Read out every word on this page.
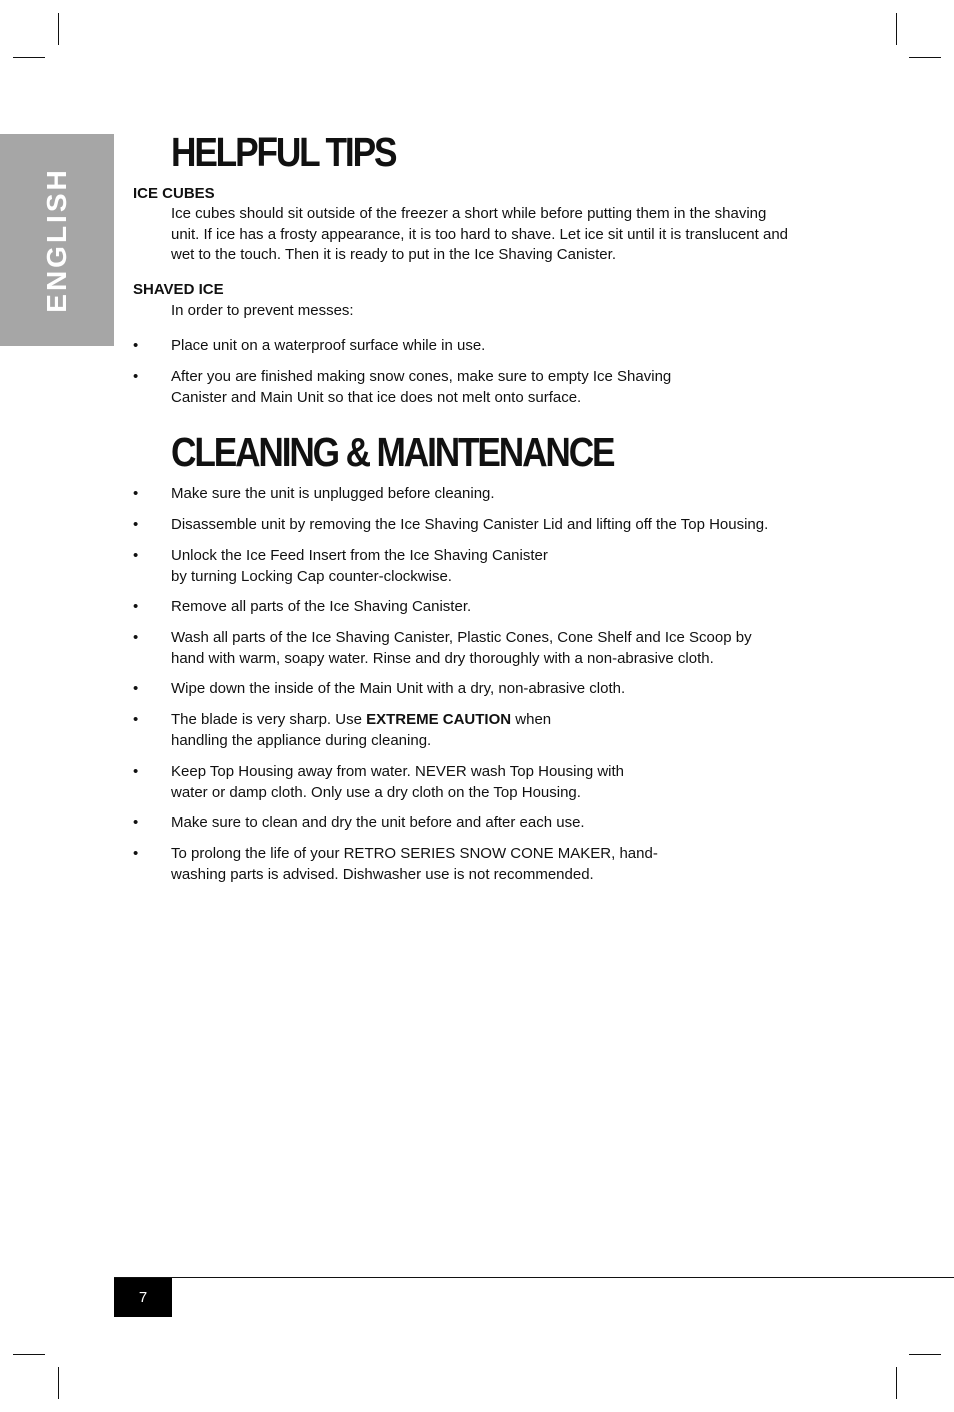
ENGLISH
HELPFUL TIPS
ICE CUBES

Ice cubes should sit outside of the freezer a short while before putting them in the shaving unit. If ice has a frosty appearance, it is too hard to shave. Let ice sit until it is translucent and wet to the touch. Then it is ready to put in the Ice Shaving Canister.

SHAVED ICE

In order to prevent messes:

• Place unit on a waterproof surface while in use.
• After you are finished making snow cones, make sure to empty Ice Shaving
Canister and Main Unit so that ice does not melt onto surface.
CLEANING & MAINTENANCE
• Make sure the unit is unplugged before cleaning.
• Disassemble unit by removing the Ice Shaving Canister Lid and lifting off the Top Housing.
• Unlock the Ice Feed Insert from the Ice Shaving Canister
by turning Locking Cap counter-clockwise.
• Remove all parts of the Ice Shaving Canister.
• Wash all parts of the Ice Shaving Canister, Plastic Cones, Cone Shelf and Ice Scoop by
hand with warm, soapy water. Rinse and dry thoroughly with a non-abrasive cloth.
• Wipe down the inside of the Main Unit with a dry, non-abrasive cloth.
• The blade is very sharp. Use EXTREME CAUTION when
handling the appliance during cleaning.
• Keep Top Housing away from water. NEVER wash Top Housing with
water or damp cloth. Only use a dry cloth on the Top Housing.
• Make sure to clean and dry the unit before and after each use.
• To prolong the life of your RETRO SERIES SNOW CONE MAKER, hand-
washing parts is advised. Dishwasher use is not recommended.
7
